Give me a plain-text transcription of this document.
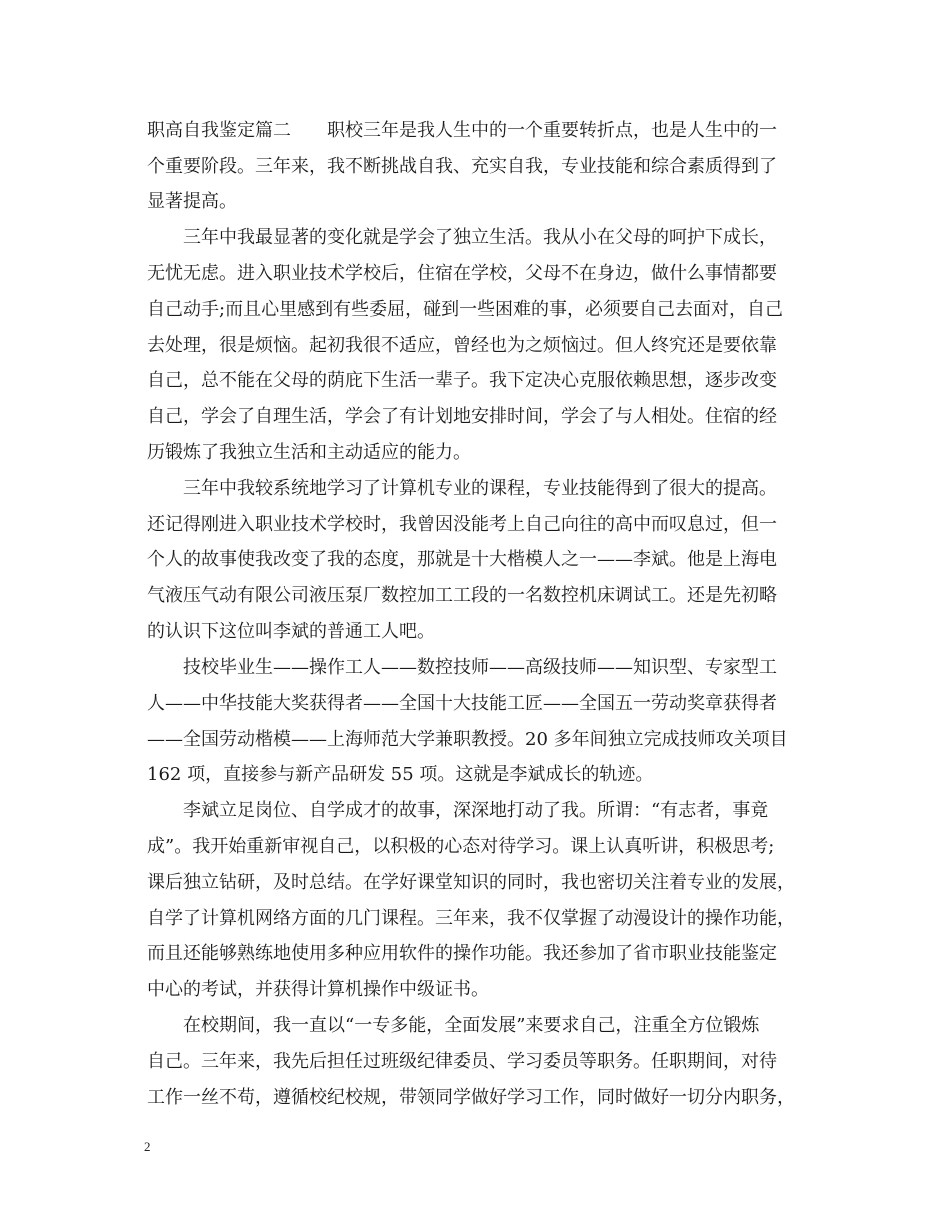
职高自我鉴定篇二　　职校三年是我人生中的一个重要转折点，也是人生中的一
个重要阶段。三年来，我不断挑战自我、充实自我，专业技能和综合素质得到了
显著提高。
　　三年中我最显著的变化就是学会了独立生活。我从小在父母的呵护下成长，
无忧无虑。进入职业技术学校后，住宿在学校，父母不在身边，做什么事情都要
自己动手;而且心里感到有些委屈，碰到一些困难的事，必须要自己去面对，自己
去处理，很是烦恼。起初我很不适应，曾经也为之烦恼过。但人终究还是要依靠
自己，总不能在父母的荫庇下生活一辈子。我下定决心克服依赖思想，逐步改变
自己，学会了自理生活，学会了有计划地安排时间，学会了与人相处。住宿的经
历锻炼了我独立生活和主动适应的能力。
　　三年中我较系统地学习了计算机专业的课程，专业技能得到了很大的提高。
还记得刚进入职业技术学校时，我曾因没能考上自己向往的高中而叹息过，但一
个人的故事使我改变了我的态度，那就是十大楷模人之一——李斌。他是上海电
气液压气动有限公司液压泵厂数控加工工段的一名数控机床调试工。还是先初略
的认识下这位叫李斌的普通工人吧。
　　技校毕业生——操作工人——数控技师——高级技师——知识型、专家型工
人——中华技能大奖获得者——全国十大技能工匠——全国五一劳动奖章获得者
——全国劳动楷模——上海师范大学兼职教授。20 多年间独立完成技师攻关项目
162 项，直接参与新产品研发 55 项。这就是李斌成长的轨迹。
　　李斌立足岗位、自学成才的故事，深深地打动了我。所谓：“有志者，事竟
成”。我开始重新审视自己，以积极的心态对待学习。课上认真听讲，积极思考;
课后独立钻研，及时总结。在学好课堂知识的同时，我也密切关注着专业的发展，
自学了计算机网络方面的几门课程。三年来，我不仅掌握了动漫设计的操作功能，
而且还能够熟练地使用多种应用软件的操作功能。我还参加了省市职业技能鉴定
中心的考试，并获得计算机操作中级证书。
　　在校期间，我一直以“一专多能，全面发展”来要求自己，注重全方位锻炼
自己。三年来，我先后担任过班级纪律委员、学习委员等职务。任职期间，对待
工作一丝不苟，遵循校纪校规，带领同学做好学习工作，同时做好一切分内职务，
2
